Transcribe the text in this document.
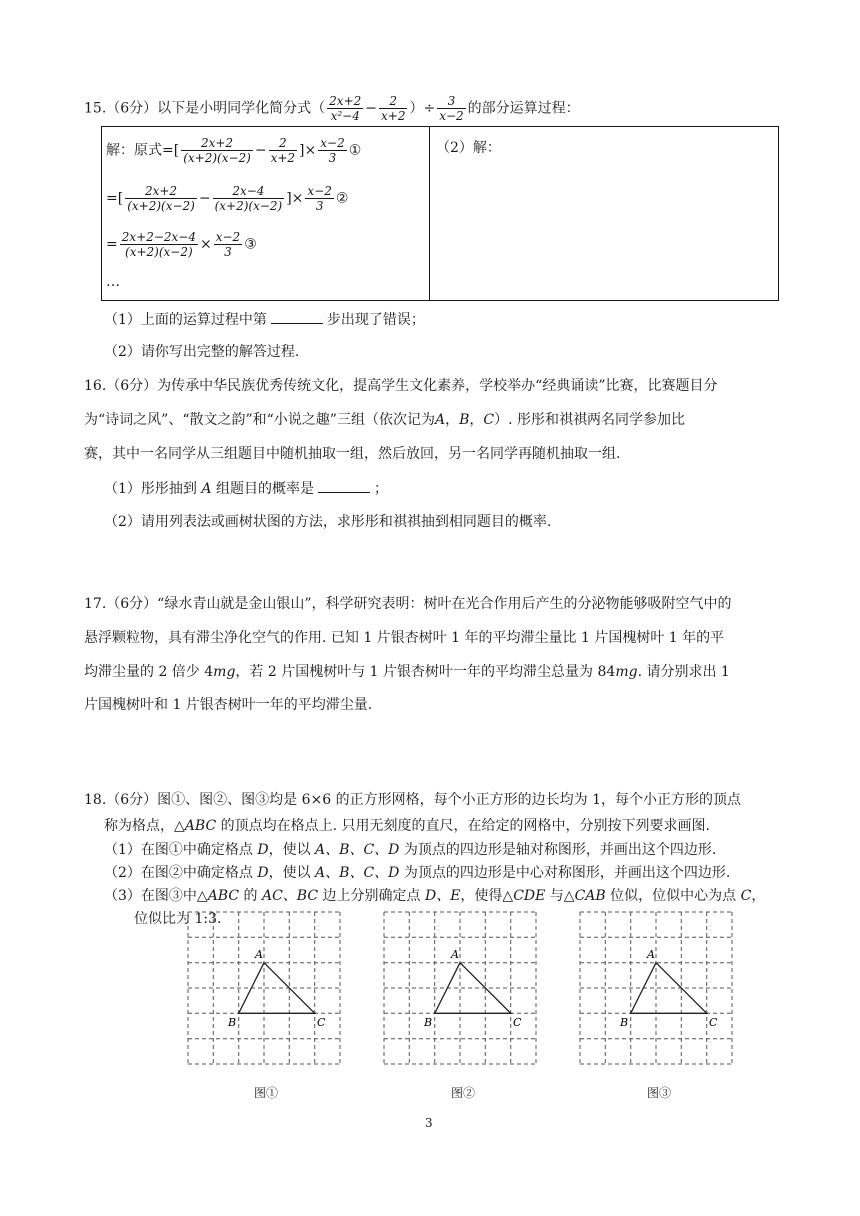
15.（6分）以下是小明同学化简分式（ $\frac{2x+2}{\text{x²−4}} - \frac{2}{x+2}$ ）÷ $\frac{3}{x-2}$ 的部分运算过程：
解：原式=[ $\frac{2x+2}{(x+2)(x-2)} - \frac{2}{x+2}$ ]× $\frac{x-2}{3}$ ①
=[ $\frac{2x+2}{(x+2)(x-2)} - \frac{2x-4}{(x+2)(x-2)}$ ]× $\frac{x-2}{3}$ ②
= $\frac{2x+2-2x-4}{(x+2)(x-2)} \times \frac{x-2}{3}$ ③
…
（2）解：
（1）上面的运算过程中第	步出现了错误；
（2）请你写出完整的解答过程.
16.（6分）为传承中华民族优秀传统文化，提高学生文化素养，学校举办“经典诵读”比赛，比赛题目分
为“诗词之风”、“散文之韵”和“小说之趣”三组（依次记为A，B，C）. 彤彤和祺祺两名同学参加比
赛，其中一名同学从三组题目中随机抽取一组，然后放回，另一名同学再随机抽取一组.
（1）彤彤抽到 A 组题目的概率是	；
（2）请用列表法或画树状图的方法，求彤彤和祺祺抽到相同题目的概率.
17.（6分）“绿水青山就是金山银山”，科学研究表明：树叶在光合作用后产生的分泌物能够吸附空气中的
悬浮颗粒物，具有滞尘净化空气的作用. 已知 1 片银杏树叶 1 年的平均滞尘量比 1 片国槐树叶 1 年的平
均滞尘量的 2 倍少 4mg，若 2 片国槐树叶与 1 片银杏树叶一年的平均滞尘总量为 84mg. 请分别求出 1
片国槐树叶和 1 片银杏树叶一年的平均滞尘量.
18.（6分）图①、图②、图③均是 6×6 的正方形网格，每个小正方形的边长均为 1，每个小正方形的顶点
称为格点，△ABC 的顶点均在格点上. 只用无刻度的直尺，在给定的网格中，分别按下列要求画图.
（1）在图①中确定格点 D，使以 A、B、C、D 为顶点的四边形是轴对称图形，并画出这个四边形.
（2）在图②中确定格点 D，使以 A、B、C、D 为顶点的四边形是中心对称图形，并画出这个四边形.
（3）在图③中△ABC 的 AC、BC 边上分别确定点 D、E，使得△CDE 与△CAB 位似，位似中心为点 C，
位似比为 1:3.
A
B	C
A
B	C
A
B	C
图①	图②	图③
3
